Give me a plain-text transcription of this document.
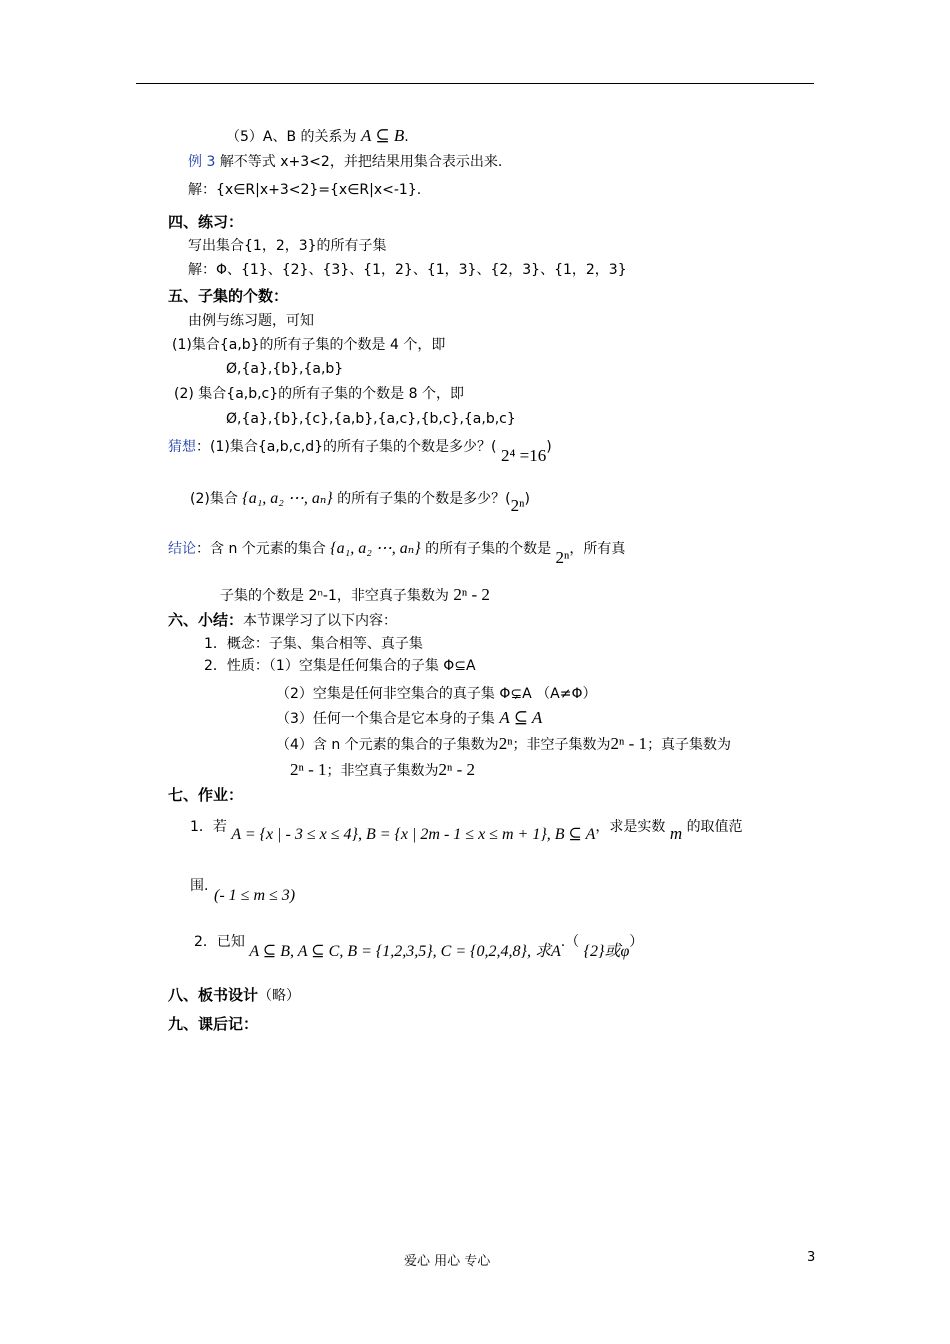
（5）A、B 的关系为 A ⊆ B.
例 3 解不等式 x+3<2，并把结果用集合表示出来.
解：{x∈R|x+3<2}={x∈R|x<-1}.
四、练习：
写出集合{1，2，3}的所有子集
解：Φ、{1}、{2}、{3}、{1，2}、{1，3}、{2，3}、{1，2，3}
五、子集的个数：
由例与练习题，可知
(1)集合{a,b}的所有子集的个数是 4 个，即
Ø,{a},{b},{a,b}
(2) 集合{a,b,c}的所有子集的个数是 8 个，即
Ø,{a},{b},{c},{a,b},{a,c},{b,c},{a,b,c}
猜想：(1)集合{a,b,c,d}的所有子集的个数是多少？( 2⁴ =16)
(2)集合 {a₁, a₂ ⋯, aₙ} 的所有子集的个数是多少？(2ⁿ)
结论：含 n 个元素的集合 {a₁, a₂ ⋯, aₙ} 的所有子集的个数是 2ⁿ，所有真
子集的个数是 2ⁿ-1，非空真子集数为 2ⁿ - 2
六、小结：本节课学习了以下内容：
1．概念：子集、集合相等、真子集
2．性质：（1）空集是任何集合的子集 Φ⊆A
（2）空集是任何非空集合的真子集 Φ⊊A （A≠Φ）
（3）任何一个集合是它本身的子集 A ⊆ A
（4）含 n 个元素的集合的子集数为2ⁿ；非空子集数为2ⁿ - 1；真子集数为
2ⁿ - 1；非空真子集数为2ⁿ - 2
七、作业：
1．若 A = {x | - 3 ≤ x ≤ 4}, B = {x | 2m - 1 ≤ x ≤ m + 1}, B ⊆ A，求是实数 m 的取值范
围.
(- 1 ≤ m ≤ 3)
2．已知 A ⊆ B, A ⊆ C, B = {1,2,3,5}, C = {0,2,4,8}, 求A.（ {2}或φ）
八、板书设计（略）
九、课后记：
爱心 用心 专心	3
